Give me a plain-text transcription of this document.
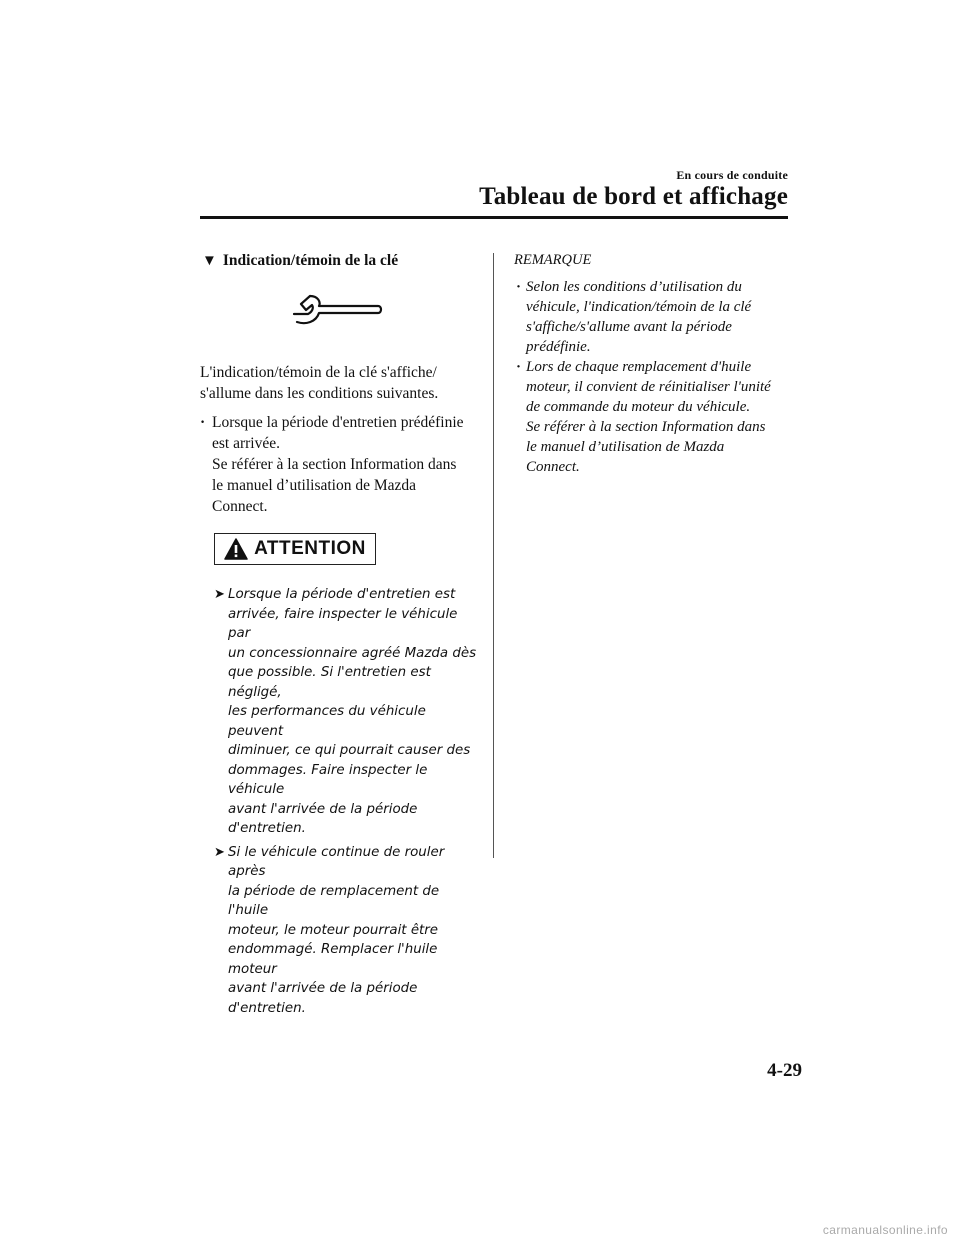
En cours de conduite
Tableau de bord et affichage
▼ Indication/témoin de la clé
L'indication/témoin de la clé s'affiche/
s'allume dans les conditions suivantes.
· Lorsque la période d'entretien prédéfinie
est arrivée.
Se référer à la section Information dans
le manuel d’utilisation de Mazda
Connect.
ATTENTION
➤ Lorsque la période d'entretien est
arrivée, faire inspecter le véhicule par
un concessionnaire agréé Mazda dès
que possible. Si l'entretien est négligé,
les performances du véhicule peuvent
diminuer, ce qui pourrait causer des
dommages. Faire inspecter le véhicule
avant l'arrivée de la période
d'entretien.
➤ Si le véhicule continue de rouler après
la période de remplacement de l'huile
moteur, le moteur pourrait être
endommagé. Remplacer l'huile moteur
avant l'arrivée de la période
d'entretien.
REMARQUE
· Selon les conditions d’utilisation du
véhicule, l'indication/témoin de la clé
s'affiche/s'allume avant la période
prédéfinie.
· Lors de chaque remplacement d'huile
moteur, il convient de réinitialiser l'unité
de commande du moteur du véhicule.
Se référer à la section Information dans
le manuel d’utilisation de Mazda
Connect.
4-29
carmanualsonline.info
